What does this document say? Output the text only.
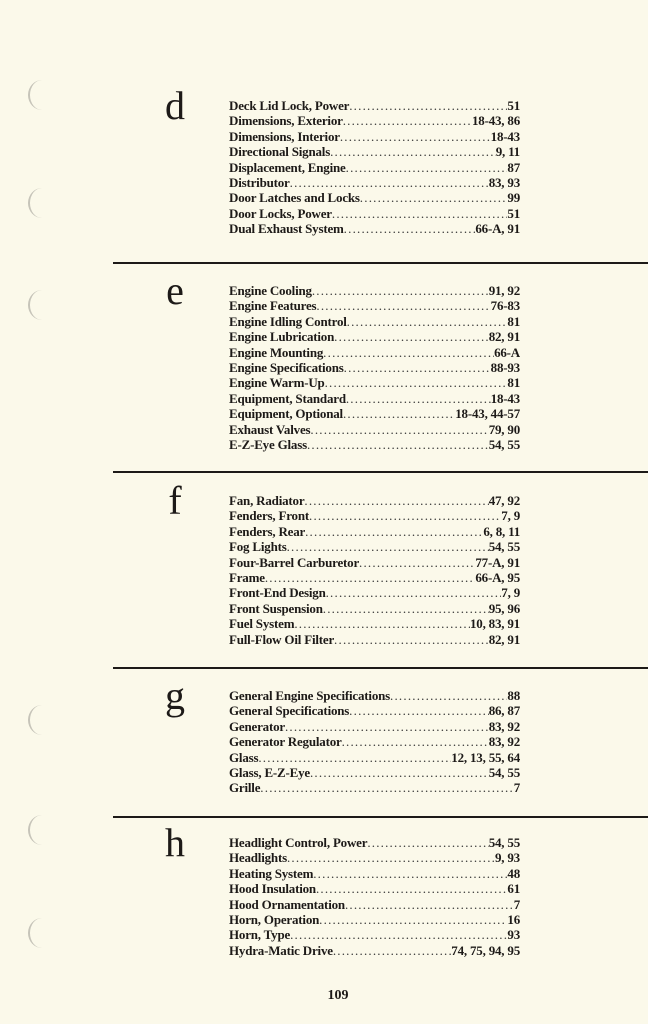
d	Deck Lid Lock, Power .....	51
Dimensions, Exterior .....	18-43, 86
Dimensions, Interior .....	18-43
Directional Signals .....	9, 11
Displacement, Engine .....	87
Distributor .....	83, 93
Door Latches and Locks .....	99
Door Locks, Power .....	51
Dual Exhaust System .....	66-A, 91
e	Engine Cooling .....	91, 92
Engine Features .....	76-83
Engine Idling Control .....	81
Engine Lubrication .....	82, 91
Engine Mounting .....	66-A
Engine Specifications .....	88-93
Engine Warm-Up .....	81
Equipment, Standard .....	18-43
Equipment, Optional .....	18-43, 44-57
Exhaust Valves .....	79, 90
E-Z-Eye Glass .....	54, 55
f	Fan, Radiator .....	47, 92
Fenders, Front .....	7, 9
Fenders, Rear .....	6, 8, 11
Fog Lights .....	54, 55
Four-Barrel Carburetor .....	77-A, 91
Frame .....	66-A, 95
Front-End Design .....	7, 9
Front Suspension .....	95, 96
Fuel System .....	10, 83, 91
Full-Flow Oil Filter .....	82, 91
g	General Engine Specifications .....	88
General Specifications .....	86, 87
Generator .....	83, 92
Generator Regulator .....	83, 92
Glass .....	12, 13, 55, 64
Glass, E-Z-Eye .....	54, 55
Grille .....	7
h	Headlight Control, Power .....	54, 55
Headlights .....	9, 93
Heating System .....	48
Hood Insulation .....	61
Hood Ornamentation .....	7
Horn, Operation .....	16
Horn, Type .....	93
Hydra-Matic Drive .....	74, 75, 94, 95
109
